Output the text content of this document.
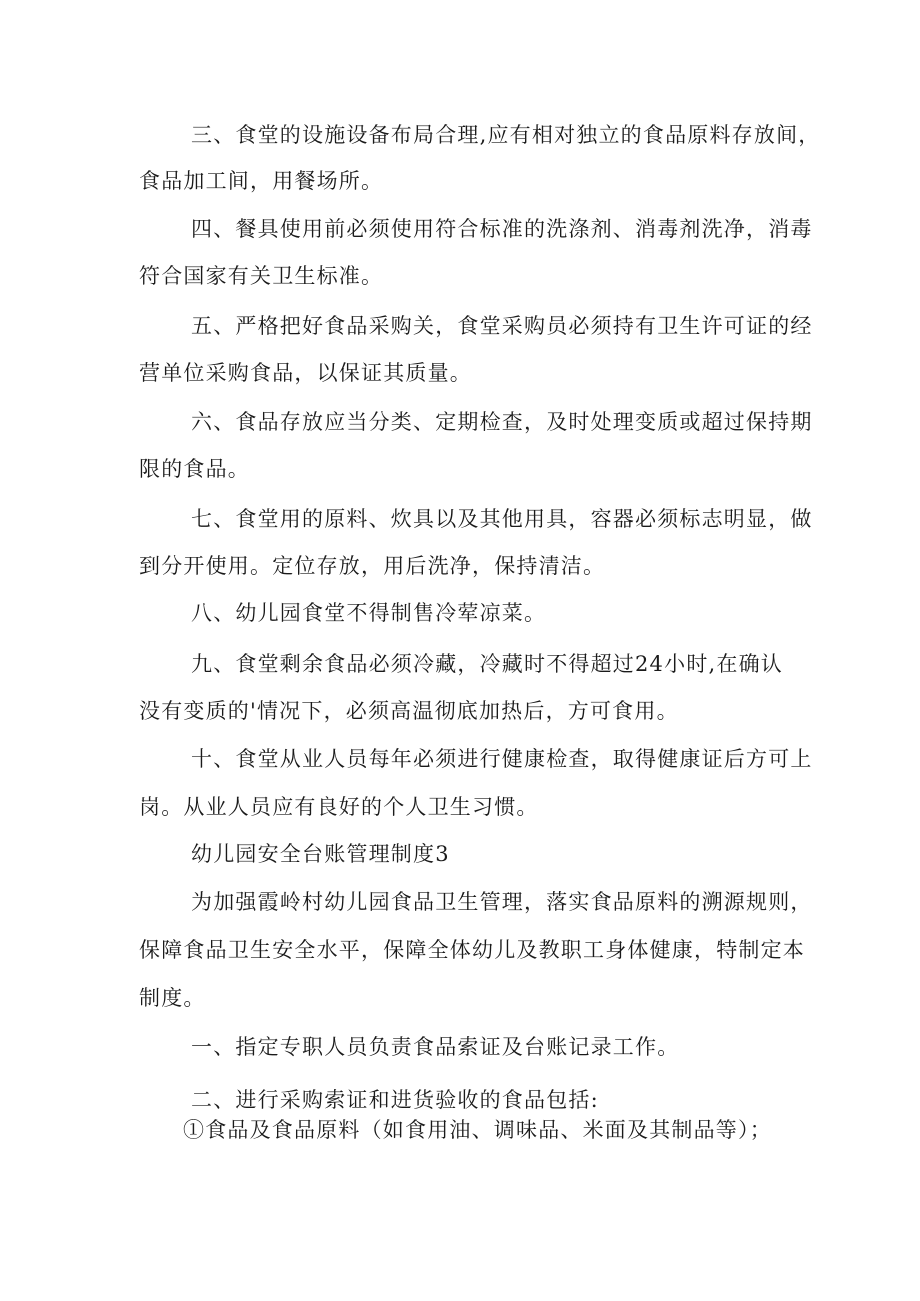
三、食堂的设施设备布局合理,应有相对独立的食品原料存放间，
食品加工间，用餐场所。
四、餐具使用前必须使用符合标准的洗涤剂、消毒剂洗净，消毒
符合国家有关卫生标准。
五、严格把好食品采购关，食堂采购员必须持有卫生许可证的经
营单位采购食品，以保证其质量。
六、食品存放应当分类、定期检查，及时处理变质或超过保持期
限的食品。
七、食堂用的原料、炊具以及其他用具，容器必须标志明显，做
到分开使用。定位存放，用后洗净，保持清洁。
八、幼儿园食堂不得制售冷荤凉菜。
九、食堂剩余食品必须冷藏，冷藏时不得超过24小时,在确认
没有变质的'情况下，必须高温彻底加热后，方可食用。
十、食堂从业人员每年必须进行健康检查，取得健康证后方可上
岗。从业人员应有良好的个人卫生习惯。
幼儿园安全台账管理制度3
为加强霞岭村幼儿园食品卫生管理，落实食品原料的溯源规则，
保障食品卫生安全水平，保障全体幼儿及教职工身体健康，特制定本
制度。
一、指定专职人员负责食品索证及台账记录工作。
二、进行采购索证和进货验收的食品包括:
①食品及食品原料（如食用油、调味品、米面及其制品等）；
